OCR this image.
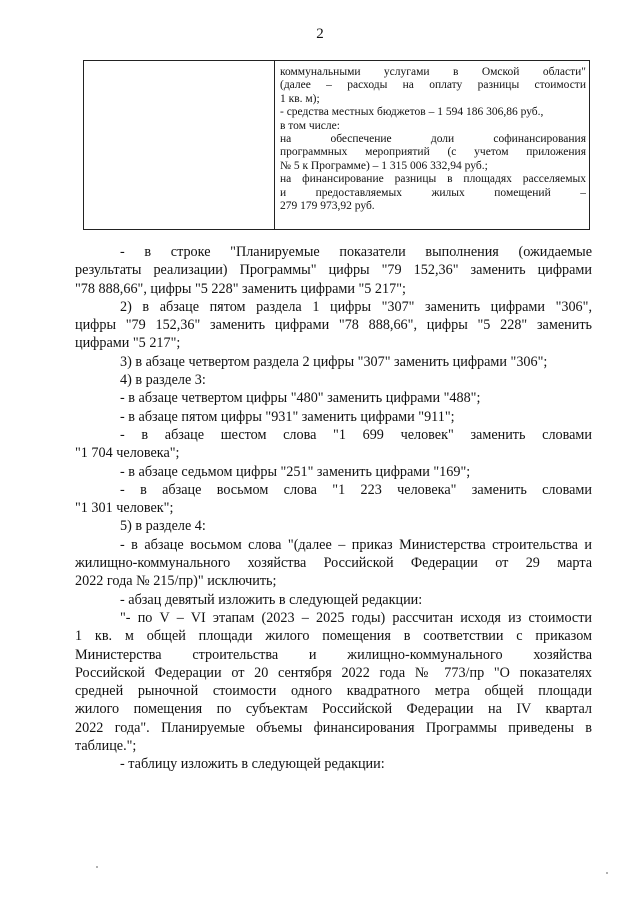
2

коммунальными услугами в Омской области"
(далее – расходы на оплату разницы стоимости
1 кв. м);
- средства местных бюджетов – 1 594 186 306,86 руб.,
в том числе:
на обеспечение доли софинансирования
программных мероприятий (с учетом приложения
№ 5 к Программе) – 1 315 006 332,94 руб.;
на финансирование разницы в площадях расселяемых
и предоставляемых жилых помещений –
279 179 973,92 руб.
- в строке "Планируемые показатели выполнения (ожидаемые
результаты реализации) Программы" цифры "79 152,36" заменить цифрами
"78 888,66", цифры "5 228" заменить цифрами "5 217";
2) в абзаце пятом раздела 1 цифры "307" заменить цифрами "306",
цифры "79 152,36" заменить цифрами "78 888,66", цифры "5 228" заменить
цифрами "5 217";
3) в абзаце четвертом раздела 2 цифры "307" заменить цифрами "306";
4) в разделе 3:
- в абзаце четвертом цифры "480" заменить цифрами "488";
- в абзаце пятом цифры "931" заменить цифрами "911";
- в абзаце шестом слова "1 699 человек" заменить словами
"1 704 человека";
- в абзаце седьмом цифры "251" заменить цифрами "169";
- в абзаце восьмом слова "1 223 человека" заменить словами
"1 301 человек";
5) в разделе 4:
- в абзаце восьмом слова "(далее – приказ Министерства строительства и
жилищно-коммунального хозяйства Российской Федерации от 29 марта
2022 года № 215/пр)" исключить;
- абзац девятый изложить в следующей редакции:
"- по V – VI этапам (2023 – 2025 годы) рассчитан исходя из стоимости
1 кв. м общей площади жилого помещения в соответствии с приказом
Министерства строительства и жилищно-коммунального хозяйства
Российской Федерации от 20 сентября 2022 года № 773/пр "О показателях
средней рыночной стоимости одного квадратного метра общей площади
жилого помещения по субъектам Российской Федерации на IV квартал
2022 года". Планируемые объемы финансирования Программы приведены в
таблице.";
- таблицу изложить в следующей редакции:
